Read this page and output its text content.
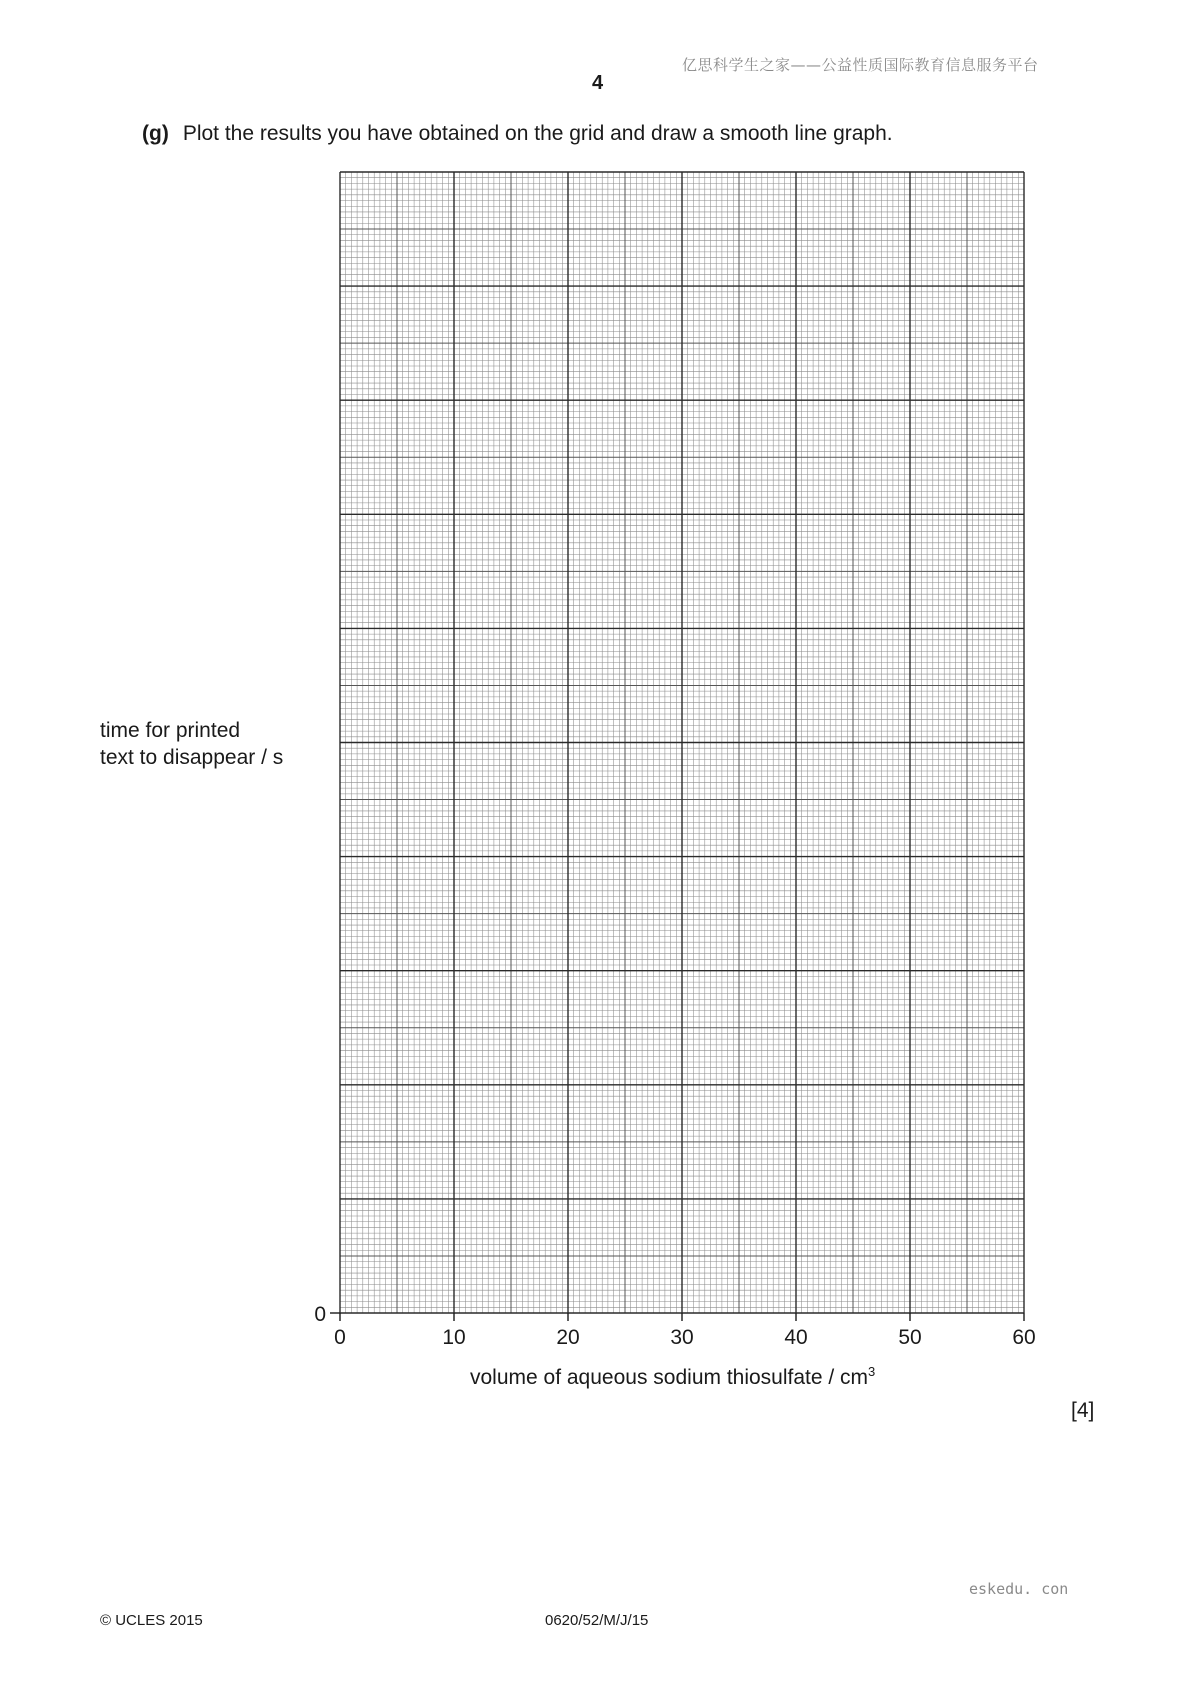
亿思科学生之家——公益性质国际教育信息服务平台
4
(g) Plot the results you have obtained on the grid and draw a smooth line graph.
time for printed
text to disappear / s
0	10	20	30	40	50	60
0
volume of aqueous sodium thiosulfate / $cm^3$
[4]
eskedu. con
© UCLES 2015	0620/52/M/J/15
